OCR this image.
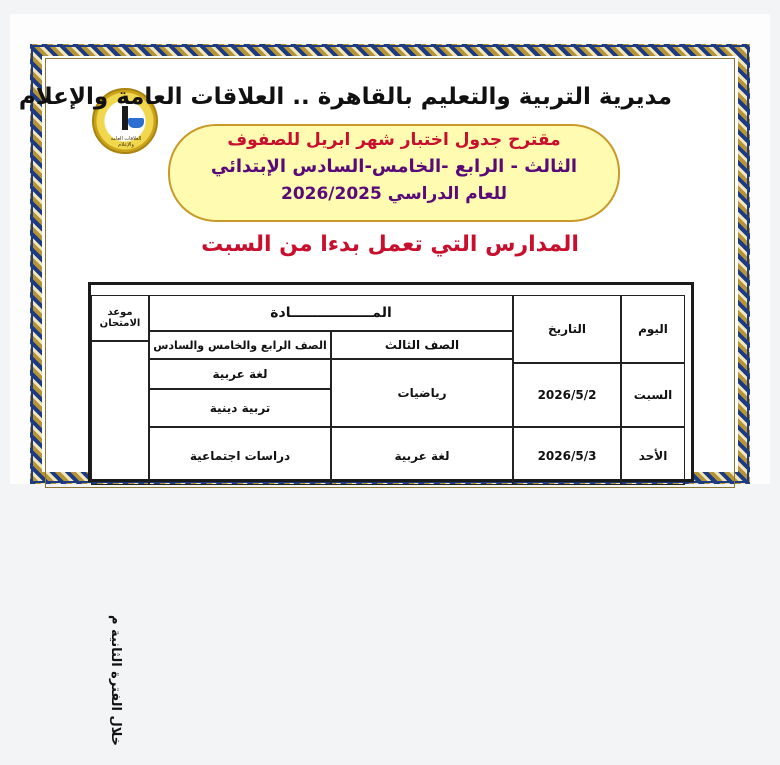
العلاقات العامة والإعلام
مديرية التربية والتعليم بالقاهرة .. العلاقات العامة والإعلام
مقترح جدول اختبار شهر ابريل للصفوف
الثالث - الرابع -الخامس-السادس الإبتدائي
للعام الدراسي 2026/2025
المدارس التي تعمل بدءا من السبت
اليوم
التاريخ
المـــــــــــــــــادة
موعد الامتحان
الصف الثالث
الصف الرابع والخامس والسادس
السبت
2026/5/2
رياضيات
لغة عربية
تربية دينية
الأحد
2026/5/3
لغة عربية
دراسات اجتماعية
خلال الفترة الثانية م
